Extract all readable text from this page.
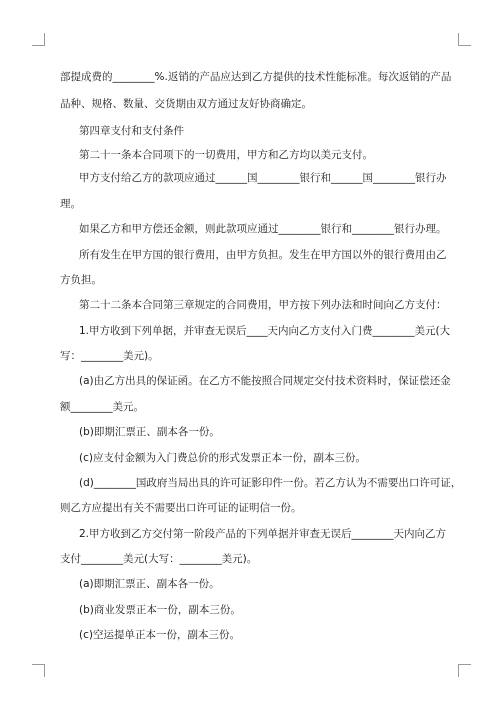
部提成费的________%.返销的产品应达到乙方提供的技术性能标准。每次返销的产品
品种、规格、数量、交货期由双方通过友好协商确定。
第四章支付和支付条件
第二十一条本合同项下的一切费用，甲方和乙方均以美元支付。
甲方支付给乙方的款项应通过______国________银行和______国________银行办
理。
如果乙方和甲方偿还金额，则此款项应通过________银行和________银行办理。
所有发生在甲方国的银行费用，由甲方负担。发生在甲方国以外的银行费用由乙
方负担。
第二十二条本合同第三章规定的合同费用，甲方按下列办法和时间向乙方支付：
1.甲方收到下列单据，并审查无误后____天内向乙方支付入门费________美元(大
写：________美元)。
(a)由乙方出具的保证函。在乙方不能按照合同规定交付技术资料时，保证偿还金
额________美元。
(b)即期汇票正、副本各一份。
(c)应支付金额为入门费总价的形式发票正本一份，副本三份。
(d)________国政府当局出具的许可证影印件一份。若乙方认为不需要出口许可证，
则乙方应提出有关不需要出口许可证的证明信一份。
2.甲方收到乙方交付第一阶段产品的下列单据并审查无误后________天内向乙方
支付________美元(大写：________美元)。
(a)即期汇票正、副本各一份。
(b)商业发票正本一份，副本三份。
(c)空运提单正本一份，副本三份。
